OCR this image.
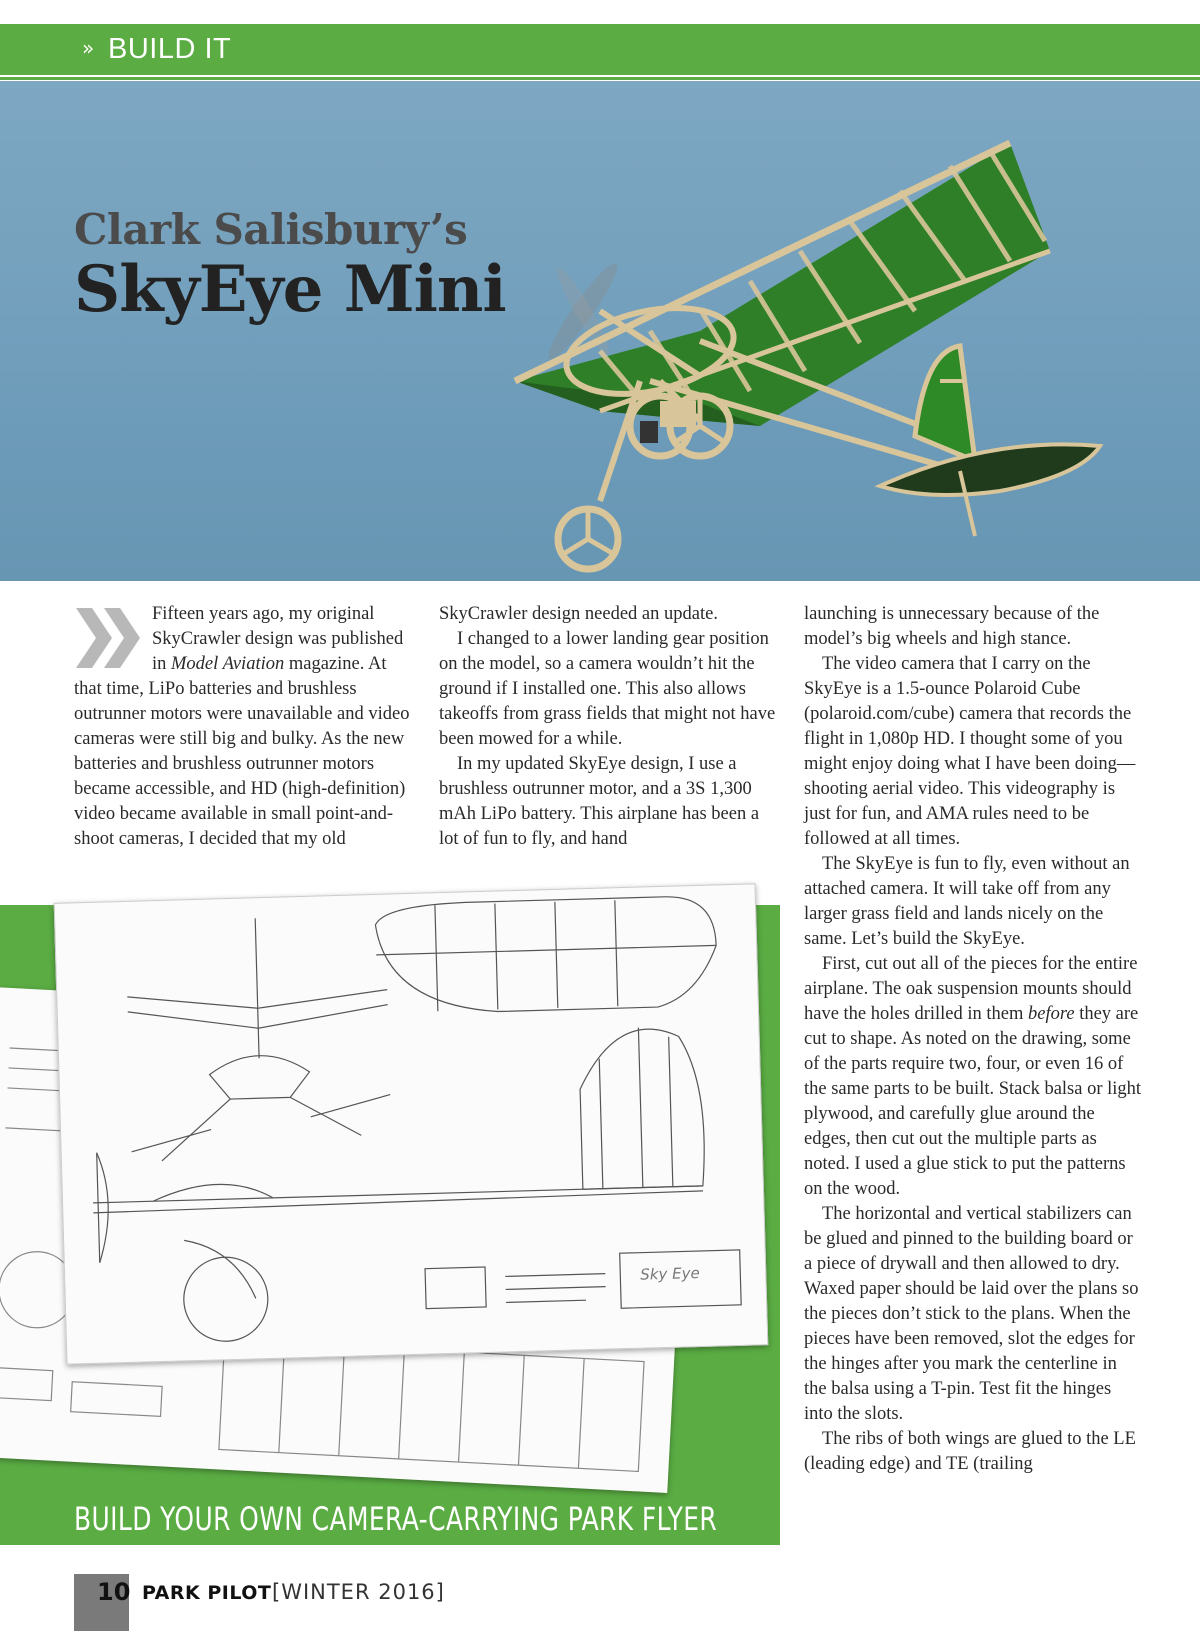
» BUILD IT
Clark Salisbury’s
SkyEye Mini

Fifteen years ago, my original SkyCrawler design was published in Model Aviation magazine. At that time, LiPo batteries and brushless outrunner motors were unavailable and video cameras were still big and bulky. As the new batteries and brushless outrunner motors became accessible, and HD (high-definition) video became available in small point-and-shoot cameras, I decided that my old

SkyCrawler design needed an update.

I changed to a lower landing gear position on the model, so a camera wouldn’t hit the ground if I installed one. This also allows takeoffs from grass fields that might not have been mowed for a while.

In my updated SkyEye design, I use a brushless outrunner motor, and a 3S 1,300 mAh LiPo battery. This airplane has been a lot of fun to fly, and hand

launching is unnecessary because of the model’s big wheels and high stance.

The video camera that I carry on the SkyEye is a 1.5-ounce Polaroid Cube (polaroid.com/cube) camera that records the flight in 1,080p HD. I thought some of you might enjoy doing what I have been doing—shooting aerial video. This videography is just for fun, and AMA rules need to be followed at all times.

The SkyEye is fun to fly, even without an attached camera. It will take off from any larger grass field and lands nicely on the same. Let’s build the SkyEye.

First, cut out all of the pieces for the entire airplane. The oak suspension mounts should have the holes drilled in them before they are cut to shape. As noted on the drawing, some of the parts require two, four, or even 16 of the same parts to be built. Stack balsa or light plywood, and carefully glue around the edges, then cut out the multiple parts as noted. I used a glue stick to put the patterns on the wood.

The horizontal and vertical stabilizers can be glued and pinned to the building board or a piece of drywall and then allowed to dry. Waxed paper should be laid over the plans so the pieces don’t stick to the plans. When the pieces have been removed, slot the edges for the hinges after you mark the centerline in the balsa using a T-pin. Test fit the hinges into the slots.

The ribs of both wings are glued to the LE (leading edge) and TE (trailing

Sky Eye
BUILD YOUR OWN CAMERA-CARRYING PARK FLYER
10 PARK PILOT [WINTER 2016]
